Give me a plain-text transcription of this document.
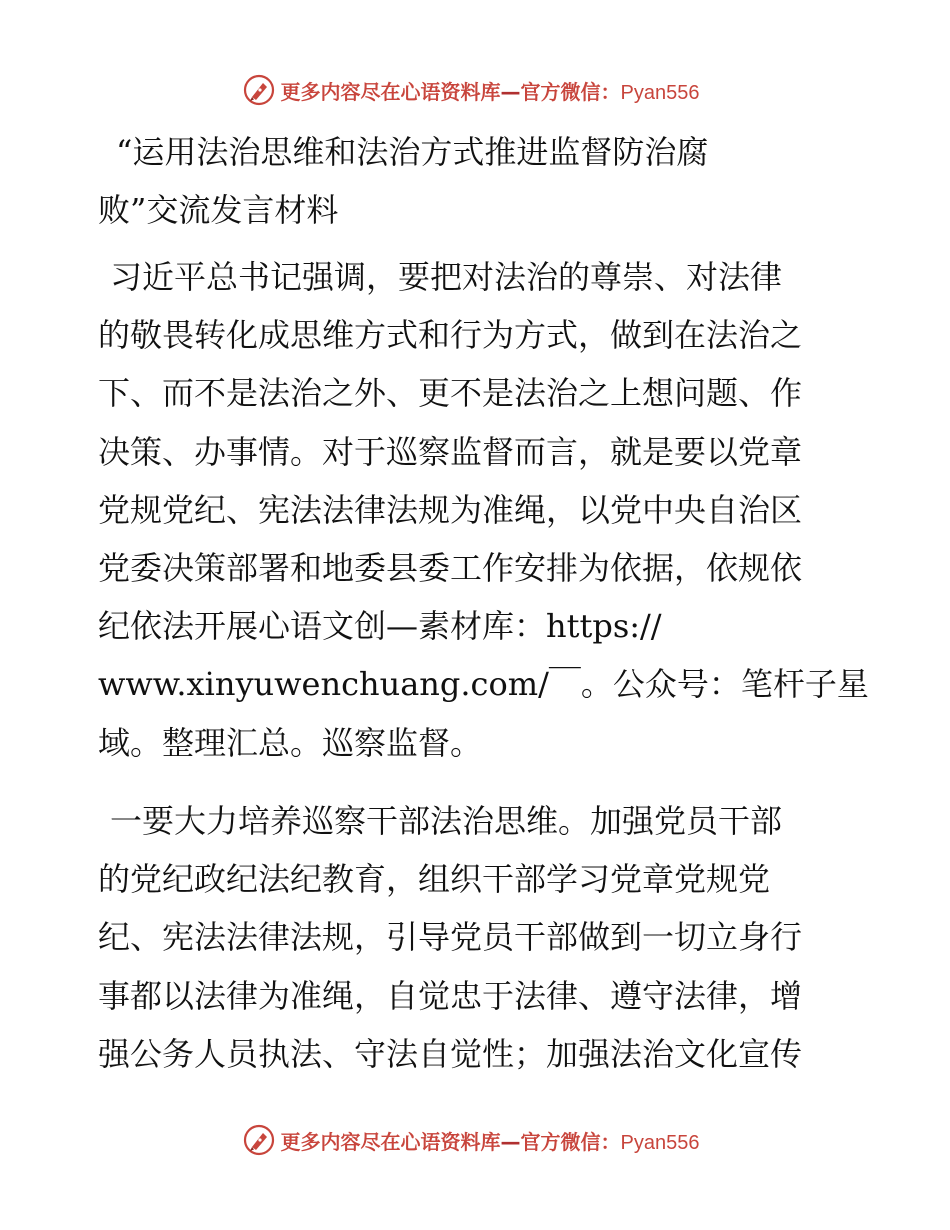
更多内容尽在心语资料库—官方微信：Pyan556
“运用法治思维和法治方式推进监督防治腐
败”交流发言材料
习近平总书记强调，要把对法治的尊崇、对法律
的敬畏转化成思维方式和行为方式，做到在法治之
下、而不是法治之外、更不是法治之上想问题、作
决策、办事情。对于巡察监督而言，就是要以党章
党规党纪、宪法法律法规为准绳，以党中央自治区
党委决策部署和地委县委工作安排为依据，依规依
纪依法开展心语文创—素材库：https://
www.xinyuwenchuang.com/￣。公众号：笔杆子星
域。整理汇总。巡察监督。
一要大力培养巡察干部法治思维。加强党员干部
的党纪政纪法纪教育，组织干部学习党章党规党
纪、宪法法律法规，引导党员干部做到一切立身行
事都以法律为准绳，自觉忠于法律、遵守法律，增
强公务人员执法、守法自觉性；加强法治文化宣传
更多内容尽在心语资料库—官方微信：Pyan556
